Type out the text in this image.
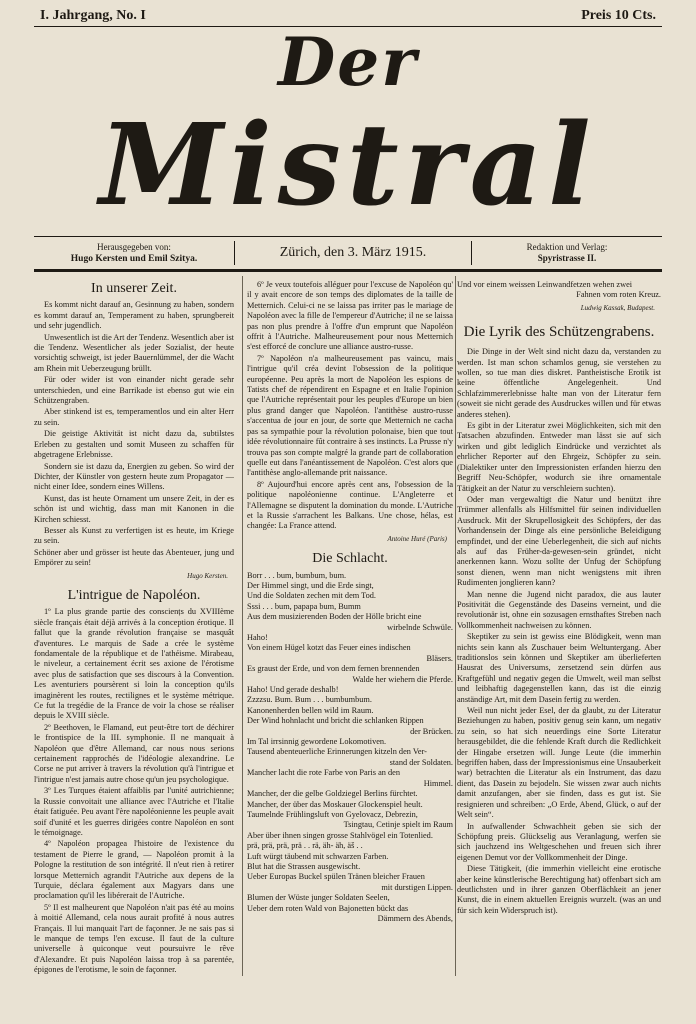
I. Jahrgang, No. I	Preis 10 Cts.
Der
Mistral
Herausgegeben von:
Hugo Kersten und Emil Szitya.	Zürich, den 3. März 1915.	Redaktion und Verlag:
Spyristrasse II.
In unserer Zeit.

Es kommt nicht darauf an, Gesinnung zu haben, sondern es kommt darauf an, Temperament zu haben, sprungbereit und sehr jugendlich.

Unwesentlich ist die Art der Tendenz. Wesentlich aber ist die Tendenz. Wesentlicher als jeder Sozialist, der heute vorsichtig schweigt, ist jeder Bauernlümmel, der die Wacht am Rhein mit Ueberzeugung brüllt.

Für oder wider ist von einander nicht gerade sehr unterschieden, und eine Barrikade ist ebenso gut wie ein Schützengraben.

Aber stinkend ist es, temperamentlos und ein alter Herr zu sein.

Die geistige Aktivität ist nicht dazu da, subtilstes Erleben zu gestalten und somit Museen zu schaffen für abgetragene Erlebnisse.

Sondern sie ist dazu da, Energien zu geben. So wird der Dichter, der Künstler von gestern heute zum Propagator — nicht einer Idee, sondern eines Willens.

Kunst, das ist heute Ornament um unsere Zeit, in der es schön ist und wichtig, dass man mit Kanonen in die Kirchen schiesst.

Besser als Kunst zu verfertigen ist es heute, im Kriege zu sein.

Schöner aber und grösser ist heute das Abenteuer, jung und Empörer zu sein!

Hugo Kersten.
L'intrigue de Napoléon.

1º La plus grande partie des consciențs du XVIIIème siècle français était déjà arrivés à la conception érotique. Il fallut que la grande révolution française se masquât d'aventures. Le marquis de Sade a crée le système fondamentale de la république et de l'athéisme. Mirabeau, le niveleur, a certainement écrit ses axione de l'érotisme avec plus de satisfaction que ses discours à la Convention. Les aventuriers poursèrent si loin la conception qu'ils imaginèrent les routes, rectilignes et le système métrique. Ce fut la tregédie de la France de voir la chose se réaliser depuis le XVIII siècle.

2º Beethoven, le Flamand, eut peut-être tort de déchirer le frontispice de la III. symphonie. Il ne manquait à Napoléon que d'être Allemand, car nous nous serions certainement rapprochés de l'idéologie alexandrine. Le Corse ne put arriver à travers la révolution qu'à l'intrigue et l'intrigue n'est jamais autre chose qu'un jeu psychologique.

3º Les Turques étaient affaiblis par l'unité autrichienne; la Russie convoitait une alliance avec l'Autriche et l'Italie était fatiguée. Peu avant l'ère napoléonienne les peuple avait soif d'unité et les guerres dirigées contre Napoléon en sont le témoignage.

4º Napoléon propagea l'histoire de l'existence du testament de Pierre le grand, — Napoléon promit à la Pologne la restitution de son intégrité. Il n'eut rien à retirer lorsque Metternich agrandit l'Autriche aux depens de la Turquie, déclara également aux Magyars dans une proclamation qu'il les libérerait de l'Autriche.

5º Il est malheurent que Napoléon n'ait pas été au moins à moitié Allemand, cela nous aurait profité à nous autres Français. Il lui manquait l'art de façonner. Je ne sais pas si le manque de temps l'en excuse. Il faut de la culture universelle à quiconque veut poursuivre le rêve d'Alexandre. Et puis Napoléon laissa trop à sa parentée, épigones de l'erotisme, le soin de façonner.

6º Je veux toutefois alléguer pour l'excuse de Napoléon qu' il y avait encore de son temps des diplomates de la taille de Metternich. Celui-ci ne se laissa pas irriter pas le mariage de Napoléon avec la fille de l'empereur d'Autriche; il ne se laissa pas non plus prendre à l'offre d'un emprunt que Napoléon offrit à l'Autriche. Malheureusement pour nous Metternich s'est efforcé de conclure une alliance austro-russe.

7º Napoléon n'a malheureusement pas vaincu, mais l'intrigue qu'il créa devint l'obsession de la politique européenne. Peu après la mort de Napoléon les espions de Tatists chef de répendirent en Espagne et en Italie l'opinion que l'Autriche représentait pour les peuples d'Europe un bien plus grand danger que Napoléon. l'antithèse austro-russe s'accentua de jour en jour, de sorte que Metternich ne cacha pas sa sympathie pour la révolution polonaise, bien que tout idée révolutionnaire fût contraire à ses instincts. La Prusse n'y trouva pas son compte malgré la grande part de collaboration quelle eut dans l'anéantissement de Napoléon. C'est alors que l'antithèse anglo-allemande prit naissance.

8º Aujourd'hui encore après cent ans, l'obsession de la politique napoléonienne continue. L'Angleterre et l'Allemagne se disputent la domination du monde. L'Autriche et la Russie s'arrachent les Balkans. Une chose, hélas, est changée: La France attend.

Antoine Huré (Paris)
Die Schlacht.
Borr . . . bum, bumbum, bum.
Der Himmel singt, und die Erde singt,
Und die Soldaten zechen mit dem Tod.
Sssi . . . bum, papapa bum, Bumm
Aus dem musizierenden Boden der Hölle bricht eine
wirbelnde Schwüle.
Haho!
Von einem Hügel kotzt das Feuer eines indischen
Bläsers.
Es graust der Erde, und von dem fernen brennenden
Walde her wiehern die Pferde.
Haho! Und gerade deshalb!
Zzzzsu. Bum. Bum . . . bumbumbum.
Kanonenherden bellen wild im Raum.
Der Wind hohnlacht und bricht die schlanken Rippen
der Brücken.
Im Tal irrsinnig gewordene Lokomotiven.
Tausend abenteuerliche Erinnerungen kitzeln den Ver-
stand der Soldaten.
Mancher lacht die rote Farbe von Paris an den
Himmel.
Mancher, der die gelbe Goldziegel Berlins fürchtet.
Mancher, der über das Moskauer Glockenspiel heult.
Taumelnde Frühlingsluft von Gyelovacz, Debrezin,
Tsingtau, Cetinje spielt im Raum
Aber über ihnen singen grosse Stahlvögel ein Totenlied.
prä, prä, prä, prä . . rä, äh- äh, äš . .
Luft würgt täubend mit schwarzen Farben.
Blut hat die Strassen ausgewischt.
Ueber Europas Buckel spülen Tränen bleicher Frauen
mit durstigen Lippen.
Blumen der Wüste junger Soldaten Seelen,
Ueber dem roten Wald von Bajonetten bückt das
Dämmern des Abends,
Und vor einem weissen Leinwandfetzen wehen zwei
Fahnen vom roten Kreuz.
Ludwig Kassak, Budapest.
Die Lyrik des Schützengrabens.

Die Dinge in der Welt sind nicht dazu da, verstanden zu werden. Ist man schon schamlos genug, sie verstehen zu wollen, so tue man dies diskret. Pantheistische Erotik ist keine öffentliche Angelegenheit. Und Schlafzimmererlebnisse halte man von der Literatur fern (soweit sie nicht gerade des Ausdruckes willen und für etwas anderes stehen).

Es gibt in der Literatur zwei Möglichkeiten, sich mit den Tatsachen abzufinden. Entweder man lässt sie auf sich wirken und gibt lediglich Eindrücke und verzichtet als ehrlicher Reporter auf den Ehrgeiz, Schöpfer zu sein. (Dialektiker unter den Impressionisten erfanden hierzu den Begriff Neu-Schöpfer, wodurch sie ihre ornamentale Tätigkeit an der Natur zu verschleiern suchten).

Oder man vergewaltigt die Natur und benützt ihre Trümmer allenfalls als Hilfsmittel für seinen individuellen Ausdruck. Mit der Skrupellosigkeit des Schöpfers, der das Vorhandensein der Dinge als eine persönliche Beleidigung empfindet, und der eine Ueberlegenheit, die sich auf nichts als auf das Früher-da-gewesen-sein gründet, nicht anerkennen kann. Wozu sollte der Unfug der Schöpfung sonst dienen, wenn man nicht wenigstens mit ihren Rudimenten jonglieren kann?

Man nenne die Jugend nicht paradox, die aus lauter Positivität die Gegenstände des Daseins verneint, und die revolutionär ist, ohne ein sozusagen ernsthaftes Streben nach Vollkommenheit nachweisen zu können.

Skeptiker zu sein ist gewiss eine Blödigkeit, wenn man nichts sein kann als Zuschauer beim Weltuntergang. Aber traditionslos sein können und Skeptiker am überlieferten Hausrat des Universums, zersetzend sein dürfen aus Kraftgefühl und negativ gegen die Umwelt, weil man selbst und leibhaftig dagegenstellen kann, das ist die einzig anständige Art, mit dem Dasein fertig zu werden.

Weil nun nicht jeder Esel, der da glaubt, zu der Literatur Beziehungen zu haben, positiv genug sein kann, um negativ zu sein, so hat sich neuerdings eine Sorte Literatur herausgebildet, die die fehlende Kraft durch die Redlichkeit der Hingabe ersetzen will. Junge Leute (die immerhin begriffen haben, dass der Impressionismus eine Unsauberkeit war) betrachten die Literatur als ein Instrument, das dazu dient, das Dasein zu bejodeln. Sie wissen zwar auch nichts damit anzufangen, aber sie finden, dass es gut ist. Sie resignieren und schreiben: „O Erde, Abend, Glück, o auf der Welt sein“.

In aufwallender Schwachheit geben sie sich der Schöpfung preis. Glückselig aus Veranlagung, werfen sie sich jauchzend ins Weltgeschehen und freuen sich ihrer eigenen Demut vor der Vollkommenheit der Dinge.

Diese Tätigkeit, (die immerhin vielleicht eine erotische aber keine künstlerische Berechtigung hat) offenbart sich am deutlichsten und in ihrer ganzen Oberflächkeit an jener Kunst, die in einem aktuellen Ereignis wurzelt. (was an und für sich kein Widerspruch ist).
